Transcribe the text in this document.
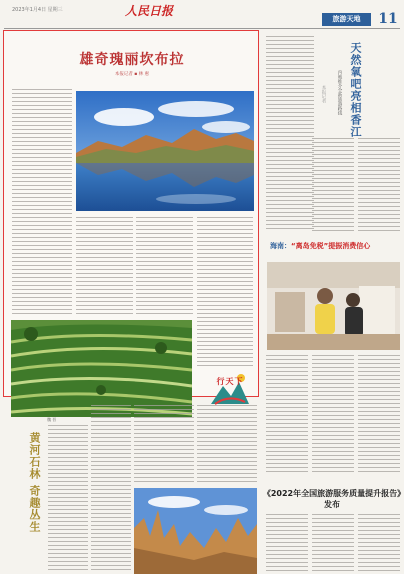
2023年1月4日 星期三	人民日报
旅游天地	11
雄奇瑰丽坎布拉
本报记者 ▪ 林 惠
行天下
天然氧吧亮相香江
内地推介全新旅游路线
本报记者
海南：“离岛免税”提振消费信心
魏 晋
黄河石林 奇趣丛生	《2022年全国旅游服务质量提升报告》发布
